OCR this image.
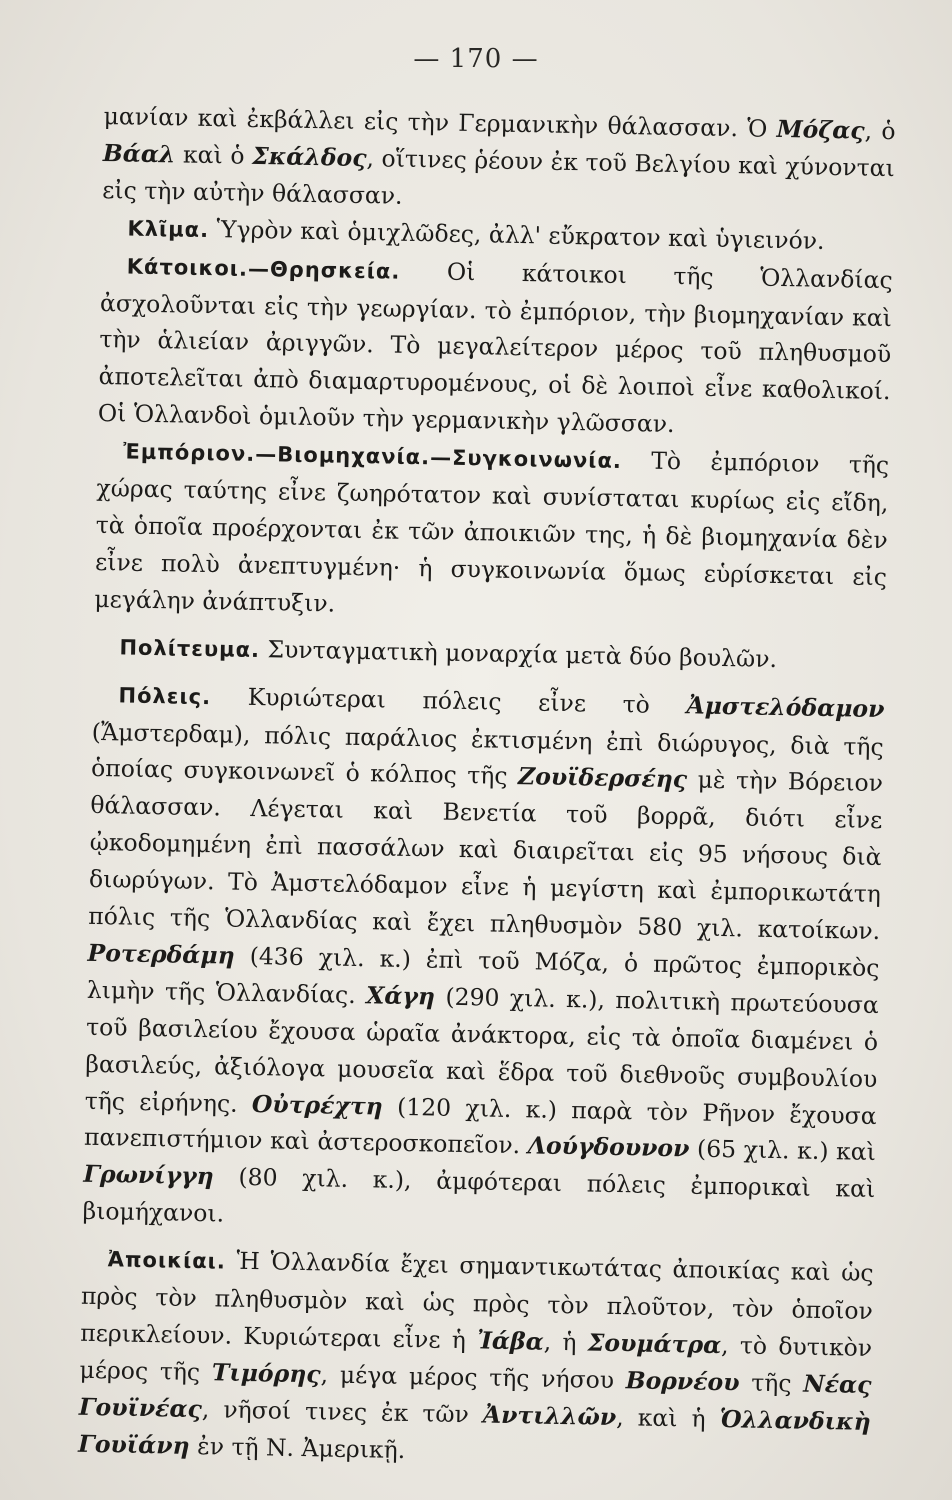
— 170 —

μανίαν καὶ ἐκβάλλει εἰς τὴν Γερμανικὴν θάλασσαν. Ὁ Μόζας, ὁ Βάαλ καὶ ὁ Σκάλδος, οἵτινες ῥέουν ἐκ τοῦ Βελγίου καὶ χύνονται εἰς τὴν αὐτὴν θάλασσαν.

Κλῖμα. Ὑγρὸν καὶ ὁμιχλῶδες, ἀλλ' εὔκρατον καὶ ὑγιεινόν.

Κάτοικοι.—Θρησκεία. Οἱ κάτοικοι τῆς Ὁλλανδίας ἀσχολοῦνται εἰς τὴν γεωργίαν. τὸ ἐμπόριον, τὴν βιομηχανίαν καὶ τὴν ἁλιείαν ἀριγγῶν. Τὸ μεγαλείτερον μέρος τοῦ πληθυσμοῦ ἀποτελεῖται ἀπὸ διαμαρτυρομένους, οἱ δὲ λοιποὶ εἶνε καθολικοί. Οἱ Ὁλλανδοὶ ὁμιλοῦν τὴν γερμανικὴν γλῶσσαν.

Ἐμπόριον.—Βιομηχανία.—Συγκοινωνία. Τὸ ἐμπόριον τῆς χώρας ταύτης εἶνε ζωηρότατον καὶ συνίσταται κυρίως εἰς εἴδη, τὰ ὁποῖα προέρχονται ἐκ τῶν ἀποικιῶν της, ἡ δὲ βιομηχανία δὲν εἶνε πολὺ ἀνεπτυγμένη· ἡ συγκοινωνία ὅμως εὑρίσκεται εἰς μεγάλην ἀνάπτυξιν.

Πολίτευμα. Συνταγματικὴ μοναρχία μετὰ δύο βουλῶν.

Πόλεις. Κυριώτεραι πόλεις εἶνε τὸ Ἀμστελόδαμον (Ἄμστερδαμ), πόλις παράλιος ἐκτισμένη ἐπὶ διώρυγος, διὰ τῆς ὁποίας συγκοινωνεῖ ὁ κόλπος τῆς Ζουϊδερσέης μὲ τὴν Βόρειον θάλασσαν. Λέγεται καὶ Βενετία τοῦ βορρᾶ, διότι εἶνε ᾠκοδομημένη ἐπὶ πασσάλων καὶ διαιρεῖται εἰς 95 νήσους διὰ διωρύγων. Τὸ Ἀμστελόδαμον εἶνε ἡ μεγίστη καὶ ἐμπορικωτάτη πόλις τῆς Ὁλλανδίας καὶ ἔχει πληθυσμὸν 580 χιλ. κατοίκων. Ροτερδάμη (436 χιλ. κ.) ἐπὶ τοῦ Μόζα, ὁ πρῶτος ἐμπορικὸς λιμὴν τῆς Ὁλλανδίας. Χάγη (290 χιλ. κ.), πολιτικὴ πρωτεύουσα τοῦ βασιλείου ἔχουσα ὡραῖα ἀνάκτορα, εἰς τὰ ὁποῖα διαμένει ὁ βασιλεύς, ἀξιόλογα μουσεῖα καὶ ἕδρα τοῦ διεθνοῦς συμβουλίου τῆς εἰρήνης. Οὐτρέχτη (120 χιλ. κ.) παρὰ τὸν Ρῆνον ἔχουσα πανεπιστήμιον καὶ ἀστεροσκοπεῖον. Λούγδουνον (65 χιλ. κ.) καὶ Γρωνίγγη (80 χιλ. κ.), ἀμφότεραι πόλεις ἐμπορικαὶ καὶ βιομήχανοι.

Ἀποικίαι. Ἡ Ὁλλανδία ἔχει σημαντικωτάτας ἀποικίας καὶ ὡς πρὸς τὸν πληθυσμὸν καὶ ὡς πρὸς τὸν πλοῦτον, τὸν ὁποῖον περικλείουν. Κυριώτεραι εἶνε ἡ Ἰάβα, ἡ Σουμάτρα, τὸ δυτικὸν μέρος τῆς Τιμόρης, μέγα μέρος τῆς νήσου Βορνέου τῆς Νέας Γουϊνέας, νῆσοί τινες ἐκ τῶν Ἀντιλλῶν, καὶ ἡ Ὁλλανδικὴ Γουϊάνη ἐν τῇ Ν. Ἀμερικῇ.
